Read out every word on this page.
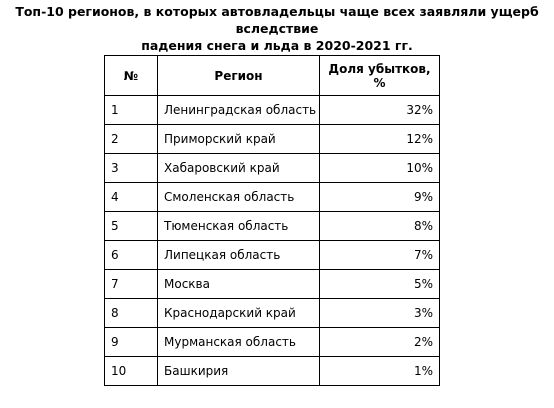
Топ-10 регионов, в которых автовладельцы чаще всех заявляли ущерб вследствие
падения снега и льда в 2020-2021 гг.
№	Регион	Доля убытков, %
1	Ленинградская область	32%
2	Приморский край	12%
3	Хабаровский край	10%
4	Смоленская область	9%
5	Тюменская область	8%
6	Липецкая область	7%
7	Москва	5%
8	Краснодарский край	3%
9	Мурманская область	2%
10	Башкирия	1%
